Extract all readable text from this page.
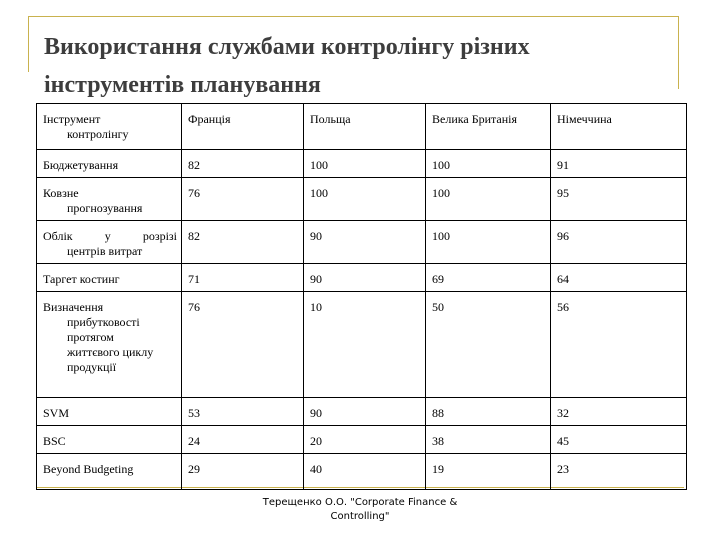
Використання службами контролінгу різних
інструментів планування
Інструмент
контролінгу	Франція	Польща	Велика Британія	Німеччина
Бюджетування	82	100	100	91
Ковзне
прогнозування	76	100	100	95

Облік у розрізі
центрів витрат	82	90	100	96
Таргет костинг	71	90	69	64
Визначення
прибутковості
протягом
життєвого циклу
продукції	76	10	50	56
SVM	53	90	88	32
BSC	24	20	38	45
Beyond Budgeting	29	40	19	23
Терещенко О.О. "Corporate Finance &
Controlling"
